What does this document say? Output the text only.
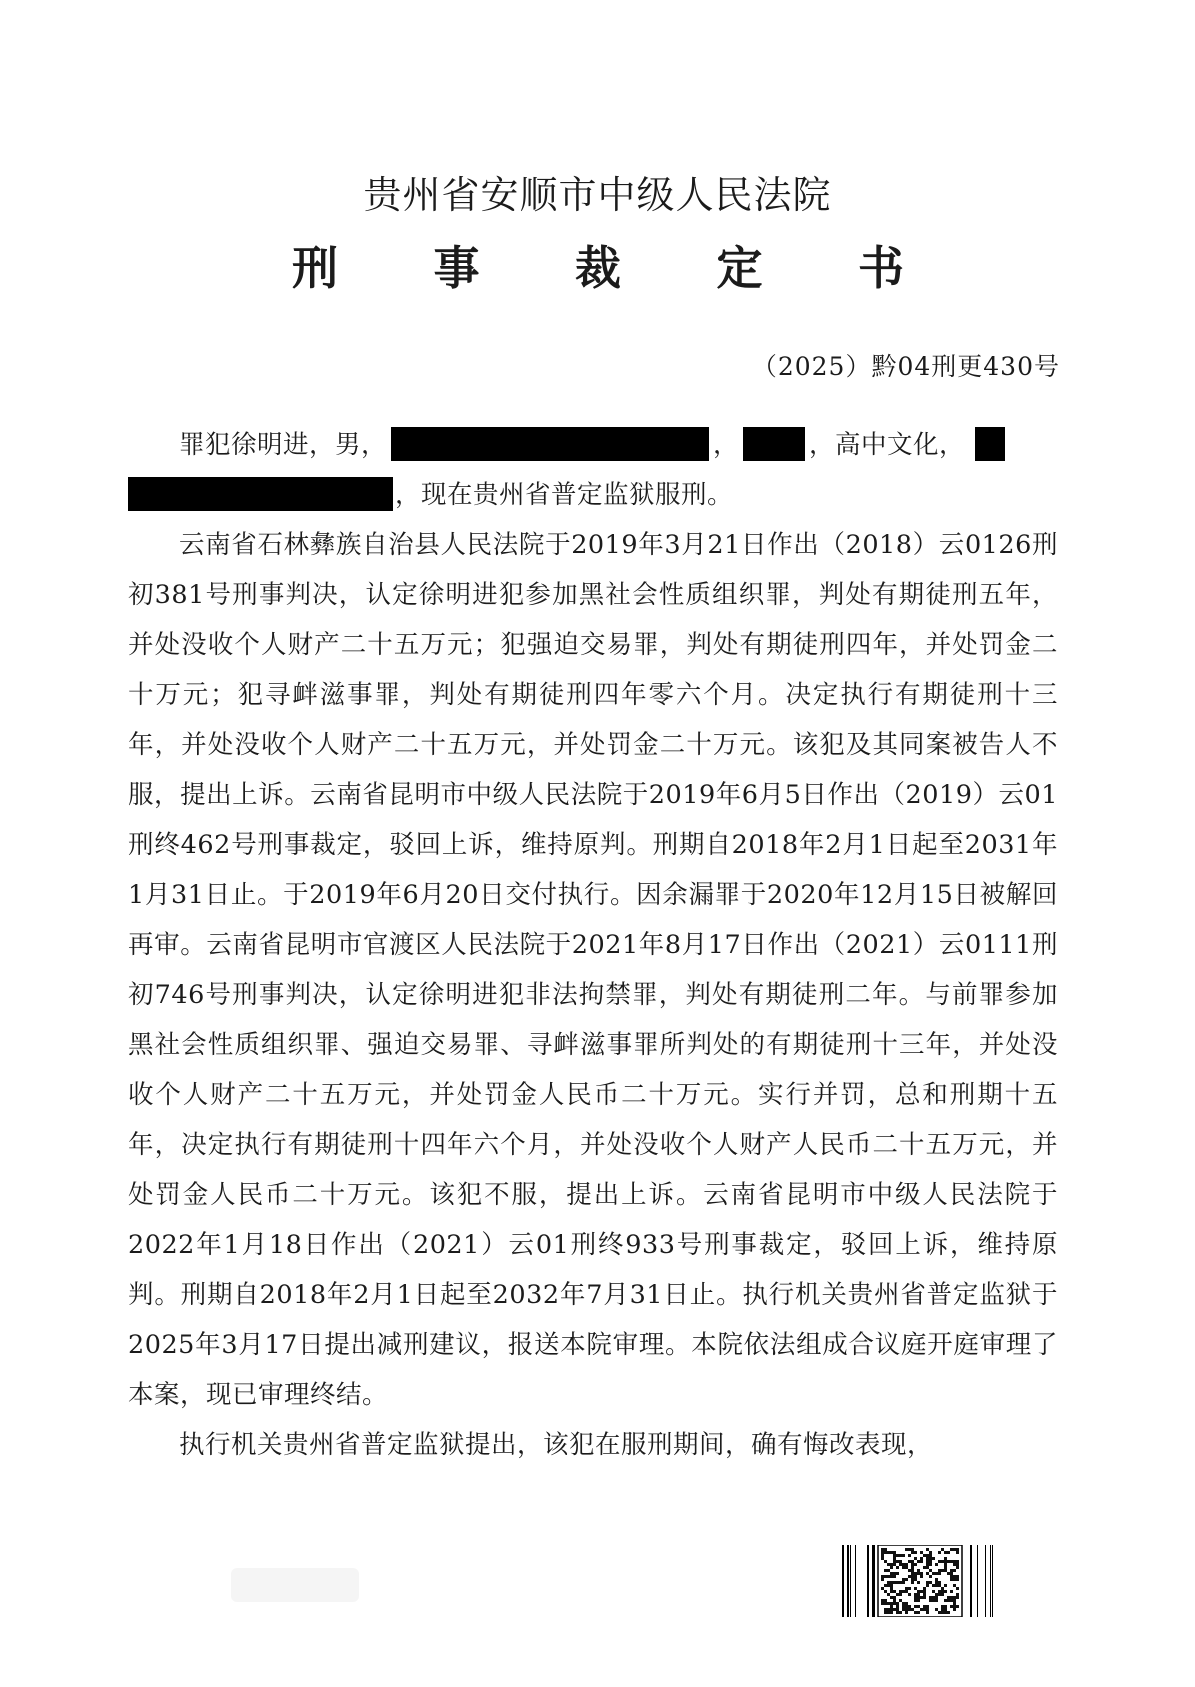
贵州省安顺市中级人民法院
刑 事 裁 定 书
（2025）黔04刑更430号

罪犯徐明进，男，	，	，高中文化，
，现在贵州省普定监狱服刑。

云南省石林彝族自治县人民法院于2019年3月21日作出（2018）云0126刑初381号刑事判决，认定徐明进犯参加黑社会性质组织罪，判处有期徒刑五年，并处没收个人财产二十五万元；犯强迫交易罪，判处有期徒刑四年，并处罚金二十万元；犯寻衅滋事罪，判处有期徒刑四年零六个月。决定执行有期徒刑十三年，并处没收个人财产二十五万元，并处罚金二十万元。该犯及其同案被告人不服，提出上诉。云南省昆明市中级人民法院于2019年6月5日作出（2019）云01刑终462号刑事裁定，驳回上诉，维持原判。刑期自2018年2月1日起至2031年1月31日止。于2019年6月20日交付执行。因余漏罪于2020年12月15日被解回再审。云南省昆明市官渡区人民法院于2021年8月17日作出（2021）云0111刑初746号刑事判决，认定徐明进犯非法拘禁罪，判处有期徒刑二年。与前罪参加黑社会性质组织罪、强迫交易罪、寻衅滋事罪所判处的有期徒刑十三年，并处没收个人财产二十五万元，并处罚金人民币二十万元。实行并罚，总和刑期十五年，决定执行有期徒刑十四年六个月，并处没收个人财产人民币二十五万元，并处罚金人民币二十万元。该犯不服，提出上诉。云南省昆明市中级人民法院于2022年1月18日作出（2021）云01刑终933号刑事裁定，驳回上诉，维持原判。刑期自2018年2月1日起至2032年7月31日止。执行机关贵州省普定监狱于2025年3月17日提出减刑建议，报送本院审理。本院依法组成合议庭开庭审理了本案，现已审理终结。

执行机关贵州省普定监狱提出，该犯在服刑期间，确有悔改表现，
